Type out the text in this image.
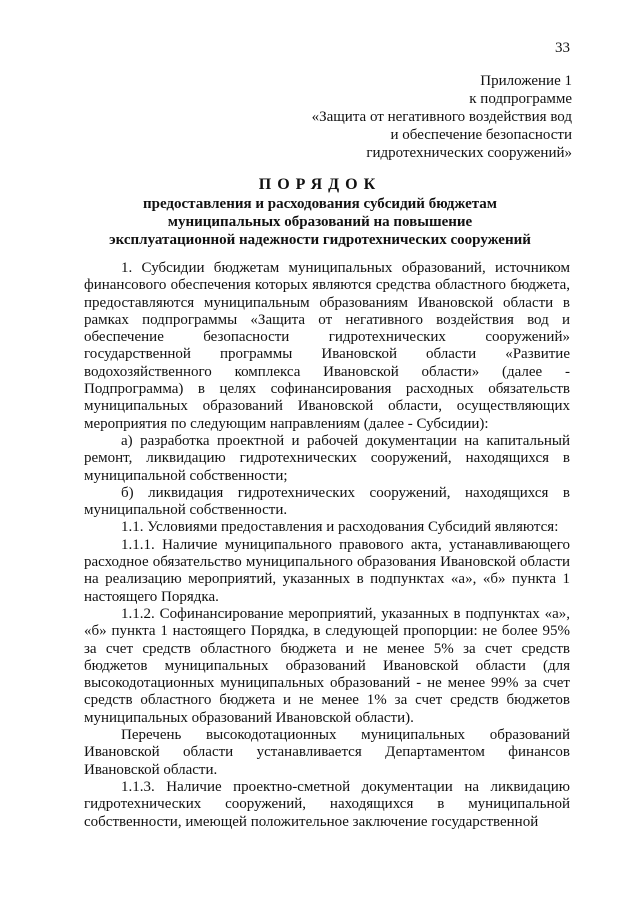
33
Приложение 1
к подпрограмме
«Защита от негативного воздействия вод
и обеспечение безопасности
гидротехнических сооружений»
ПОРЯДОК
предоставления и расходования субсидий бюджетам
муниципальных образований на повышение
эксплуатационной надежности гидротехнических сооружений

1. Субсидии бюджетам муниципальных образований, источником финансового обеспечения которых являются средства областного бюджета, предоставляются муниципальным образованиям Ивановской области в рамках подпрограммы «Защита от негативного воздействия вод и обеспечение безопасности гидротехнических сооружений» государственной программы Ивановской области «Развитие водохозяйственного комплекса Ивановской области» (далее - Подпрограмма) в целях софинансирования расходных обязательств муниципальных образований Ивановской области, осуществляющих мероприятия по следующим направлениям (далее - Субсидии):

а) разработка проектной и рабочей документации на капитальный ремонт, ликвидацию гидротехнических сооружений, находящихся в муниципальной собственности;

б) ликвидация гидротехнических сооружений, находящихся в муниципальной собственности.

1.1. Условиями предоставления и расходования Субсидий являются:

1.1.1. Наличие муниципального правового акта, устанавливающего расходное обязательство муниципального образования Ивановской области на реализацию мероприятий, указанных в подпунктах «а», «б» пункта 1 настоящего Порядка.

1.1.2. Софинансирование мероприятий, указанных в подпунктах «а», «б» пункта 1 настоящего Порядка, в следующей пропорции: не более 95% за счет средств областного бюджета и не менее 5% за счет средств бюджетов муниципальных образований Ивановской области (для высокодотационных муниципальных образований - не менее 99% за счет средств областного бюджета и не менее 1% за счет средств бюджетов муниципальных образований Ивановской области).

Перечень высокодотационных муниципальных образований Ивановской области устанавливается Департаментом финансов Ивановской области.

1.1.3. Наличие проектно-сметной документации на ликвидацию гидротехнических сооружений, находящихся в муниципальной собственности, имеющей положительное заключение государственной
